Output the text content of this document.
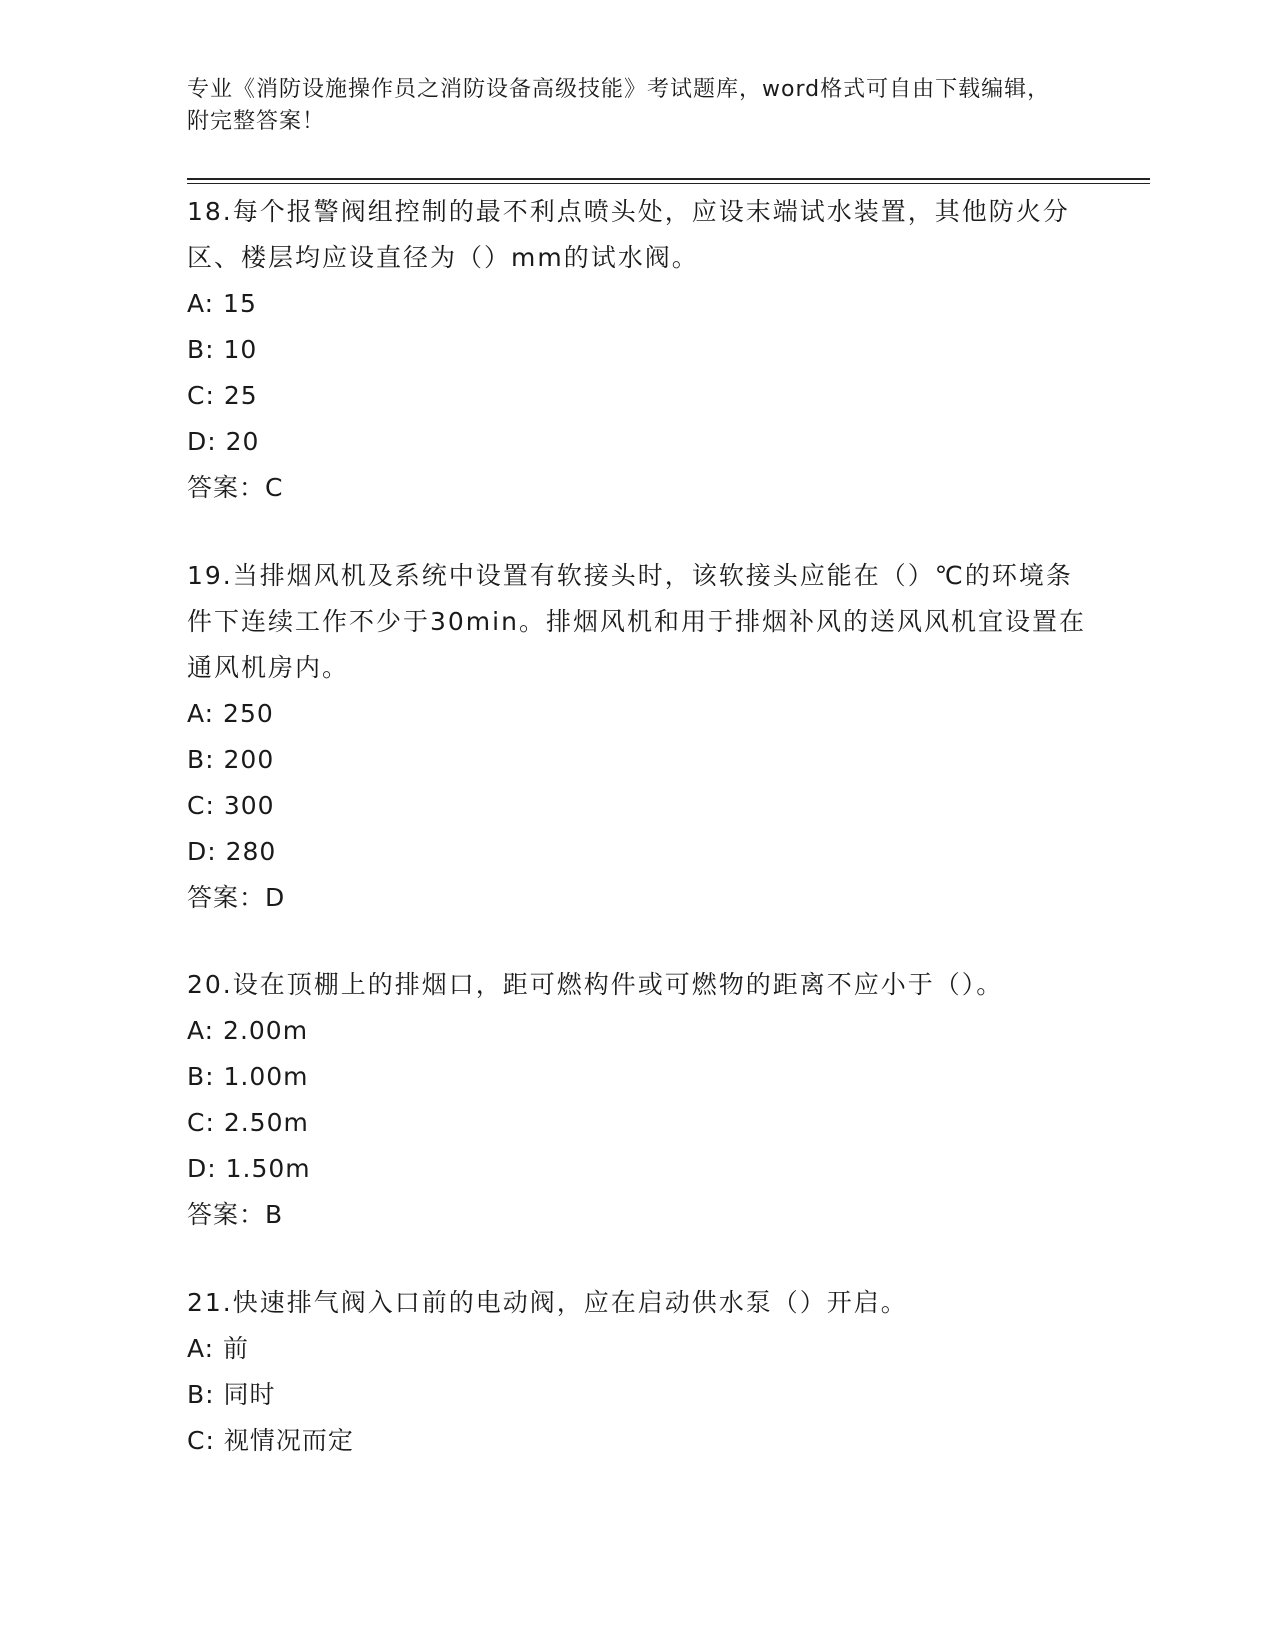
专业《消防设施操作员之消防设备高级技能》考试题库，word格式可自由下载编辑，附完整答案！

18.每个报警阀组控制的最不利点喷头处，应设末端试水装置，其他防火分区、楼层均应设直径为（）mm的试水阀。

A: 15

B: 10

C: 25

D: 20

答案：C

19.当排烟风机及系统中设置有软接头时，该软接头应能在（）℃的环境条件下连续工作不少于30min。排烟风机和用于排烟补风的送风风机宜设置在通风机房内。

A: 250

B: 200

C: 300

D: 280

答案：D

20.设在顶棚上的排烟口，距可燃构件或可燃物的距离不应小于（）。

A: 2.00m

B: 1.00m

C: 2.50m

D: 1.50m

答案：B

21.快速排气阀入口前的电动阀，应在启动供水泵（）开启。

A: 前

B: 同时

C: 视情况而定
